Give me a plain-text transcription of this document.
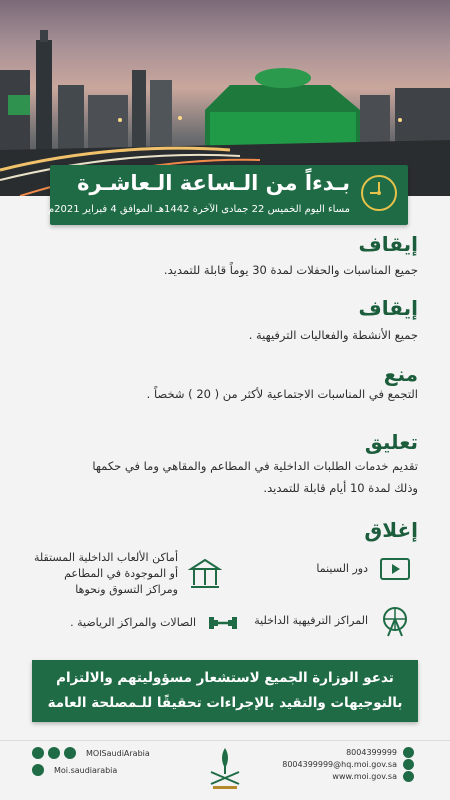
بـدءاً من الـساعة الـعاشـرة
مساء اليوم الخميس 22 جمادى الآخرة 1442هـ الموافق 4 فبراير 2021م
إيقاف
جميع المناسبات والحفلات لمدة 30 يوماً قابلة للتمديد.
إيقاف
جميع الأنشطة والفعاليات الترفيهية .
منع
التجمع في المناسبات الاجتماعية لأكثر من ( 20 ) شخصاً .
تعليق
تقديم خدمات الطلبات الداخلية في المطاعم والمقاهي وما في حكمها
وذلك لمدة 10 أيام قابلة للتمديد.
إغلاق
دور السينما
المراكز الترفيهية الداخلية
أماكن الألعاب الداخلية المستقلة
أو الموجودة في المطاعم
ومراكز التسوق ونحوها
الصالات والمراكز الرياضية .
تدعو الوزارة الجميع لاستشعار مسؤوليتهم والالتزام
بالتوجيهات والتقيد بالإجراءات تحقيقًا للـمصلحة العامة
MOISaudiArabia
Moi.saudiarabia
8004399999
8004399999@hq.moi.gov.sa
www.moi.gov.sa
